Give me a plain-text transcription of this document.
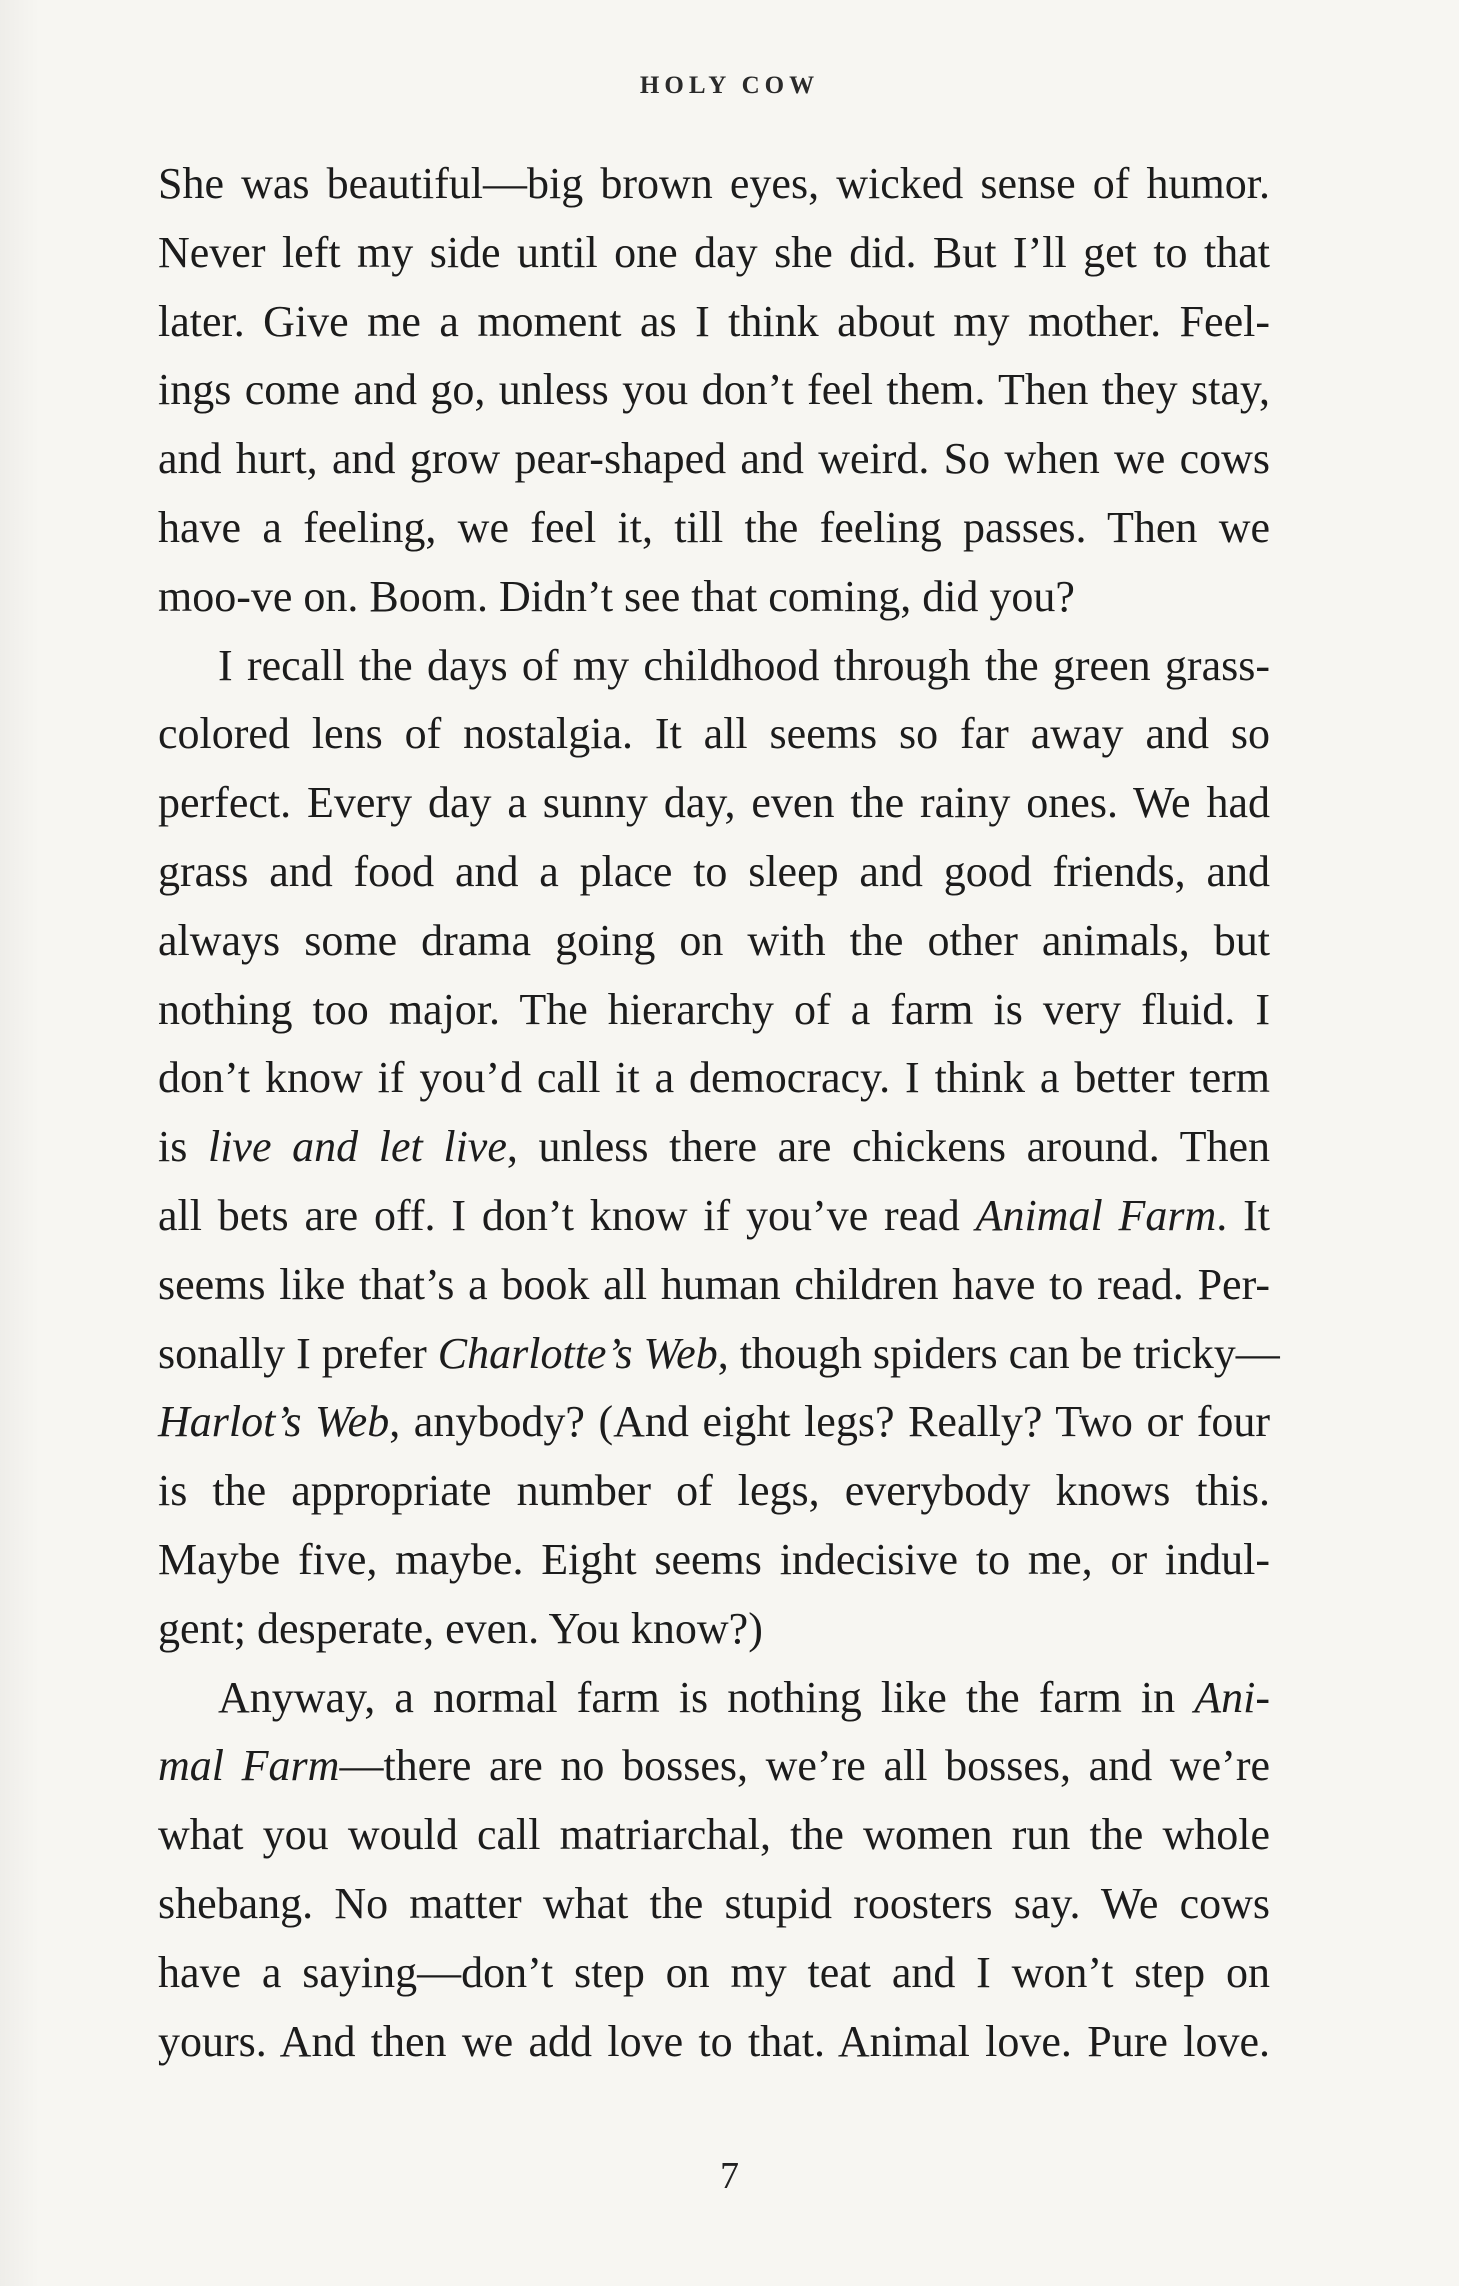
HOLY COW
She was beautiful—big brown eyes, wicked sense of humor.
Never left my side until one day she did. But I’ll get to that
later. Give me a moment as I think about my mother. Feel-
ings come and go, unless you don’t feel them. Then they stay,
and hurt, and grow pear-shaped and weird. So when we cows
have a feeling, we feel it, till the feeling passes. Then we
moo-ve on. Boom. Didn’t see that coming, did you?
I recall the days of my childhood through the green grass-
colored lens of nostalgia. It all seems so far away and so
perfect. Every day a sunny day, even the rainy ones. We had
grass and food and a place to sleep and good friends, and
always some drama going on with the other animals, but
nothing too major. The hierarchy of a farm is very fluid. I
don’t know if you’d call it a democracy. I think a better term
is live and let live, unless there are chickens around. Then
all bets are off. I don’t know if you’ve read Animal Farm. It
seems like that’s a book all human children have to read. Per-
sonally I prefer Charlotte’s Web, though spiders can be tricky—
Harlot’s Web, anybody? (And eight legs? Really? Two or four
is the appropriate number of legs, everybody knows this.
Maybe five, maybe. Eight seems indecisive to me, or indul-
gent; desperate, even. You know?)
Anyway, a normal farm is nothing like the farm in Ani-
mal Farm—there are no bosses, we’re all bosses, and we’re
what you would call matriarchal, the women run the whole
shebang. No matter what the stupid roosters say. We cows
have a saying—don’t step on my teat and I won’t step on
yours. And then we add love to that. Animal love. Pure love.
7
